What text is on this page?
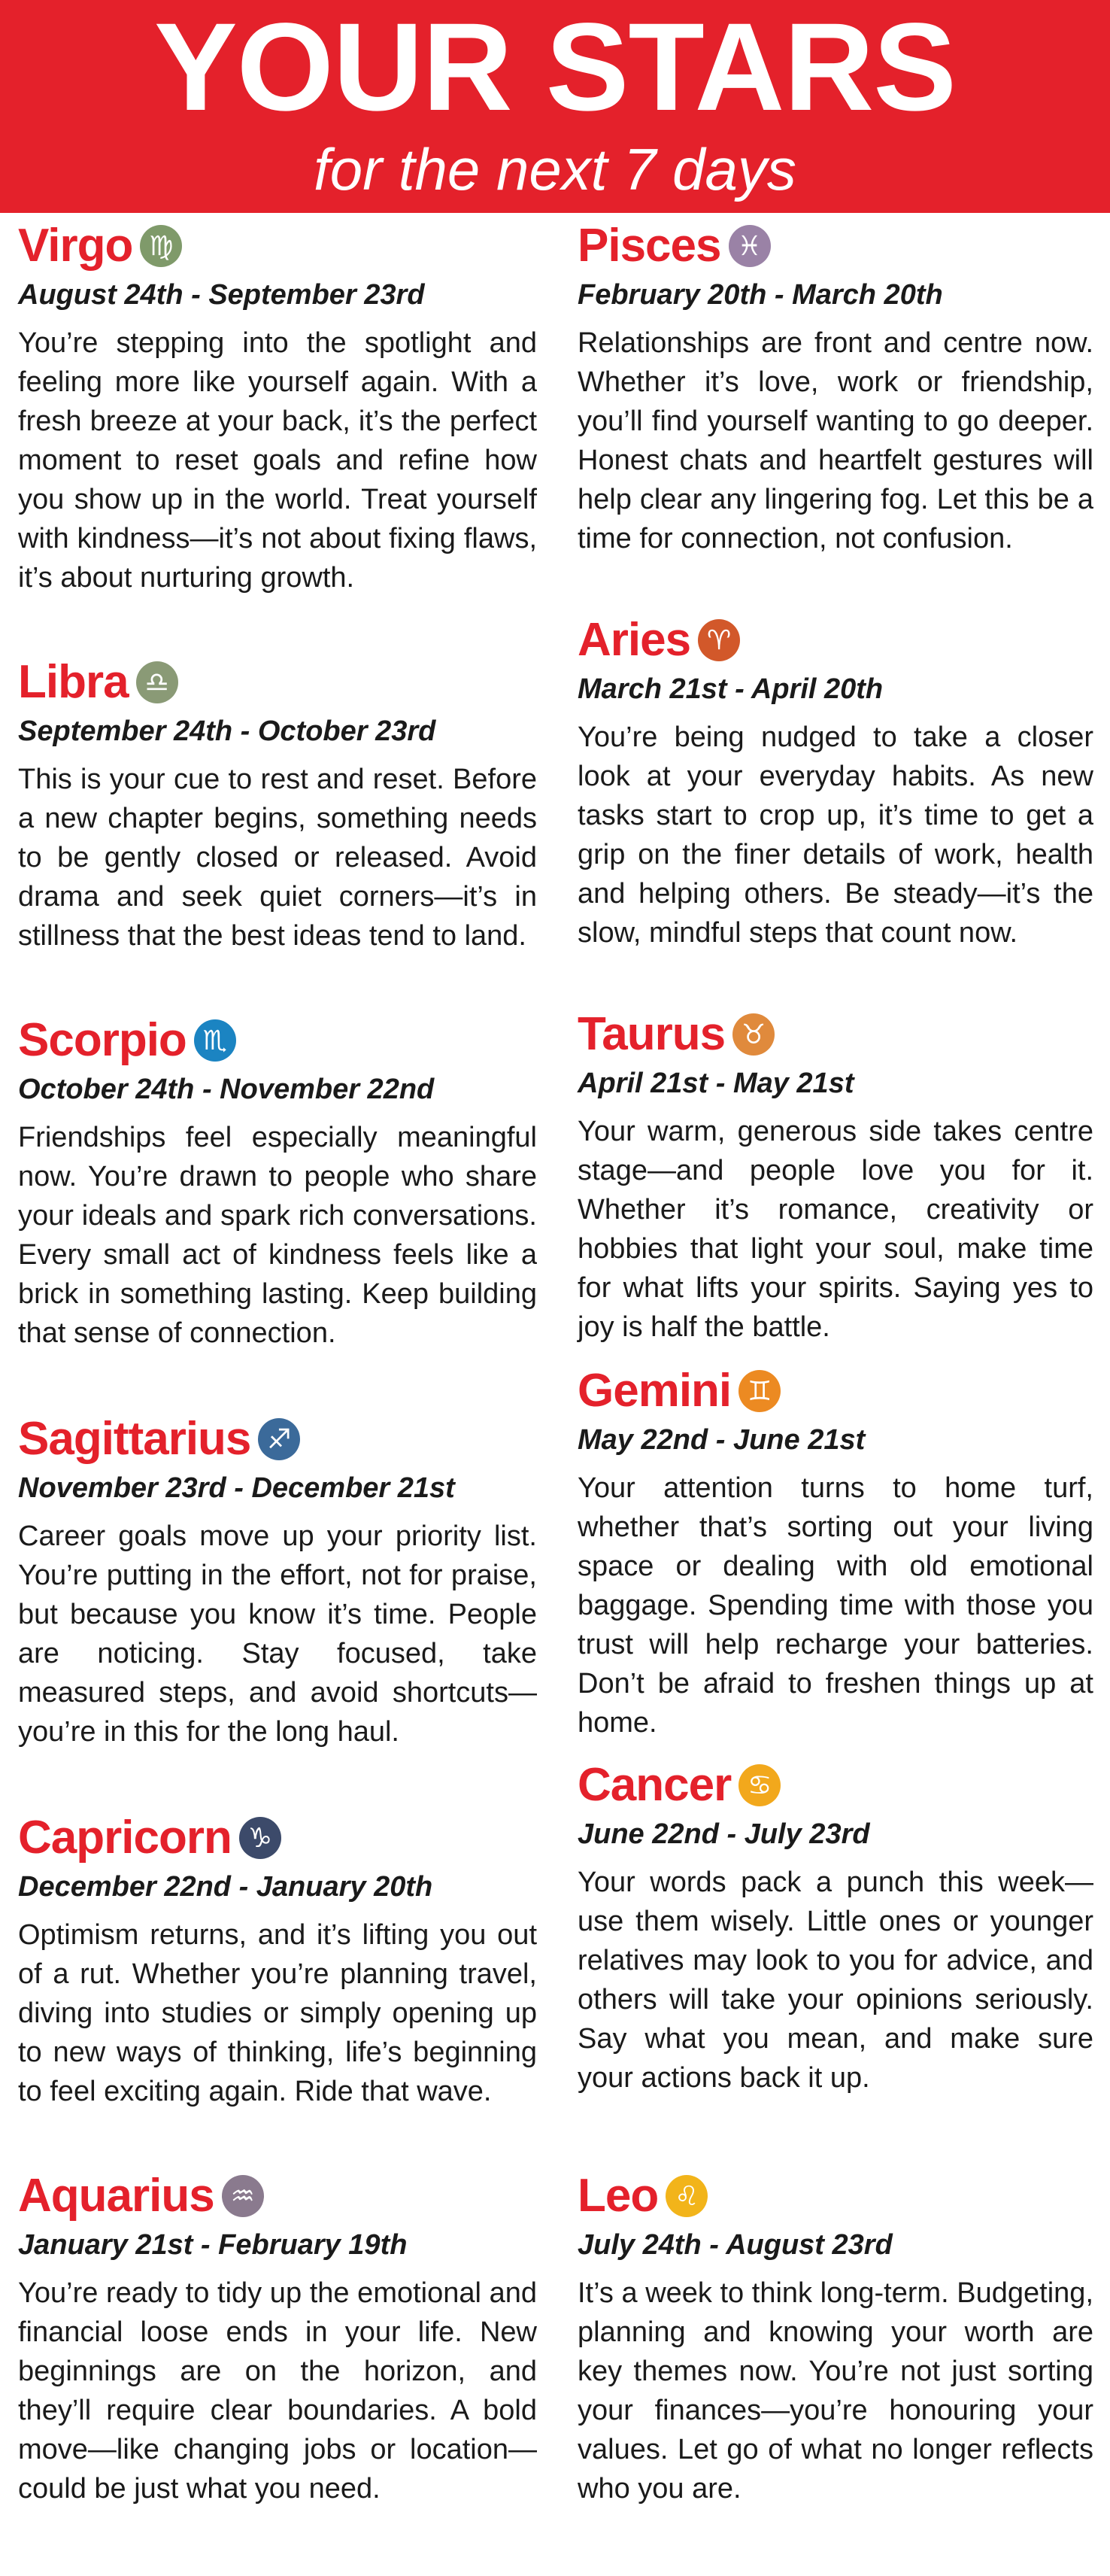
YOUR STARS
for the next 7 days
Virgo ♍
August 24th - September 23rd
You’re stepping into the spotlight and feeling more like yourself again. With a fresh breeze at your back, it’s the perfect moment to reset goals and refine how you show up in the world. Treat yourself with kindness—it’s not about fixing flaws, it’s about nurturing growth.
Libra ♎
September 24th - October 23rd
This is your cue to rest and reset. Before a new chapter begins, something needs to be gently closed or released. Avoid drama and seek quiet corners—it’s in stillness that the best ideas tend to land.
Scorpio ♏
October 24th - November 22nd
Friendships feel especially meaningful now. You’re drawn to people who share your ideals and spark rich conversations. Every small act of kindness feels like a brick in something lasting. Keep building that sense of connection.
Sagittarius ♐
November 23rd - December 21st
Career goals move up your priority list. You’re putting in the effort, not for praise, but because you know it’s time. People are noticing. Stay focused, take measured steps, and avoid shortcuts—you’re in this for the long haul.
Capricorn ♑
December 22nd - January 20th
Optimism returns, and it’s lifting you out of a rut. Whether you’re planning travel, diving into studies or simply opening up to new ways of thinking, life’s beginning to feel exciting again. Ride that wave.
Aquarius ♒
January 21st - February 19th
You’re ready to tidy up the emotional and financial loose ends in your life. New beginnings are on the horizon, and they’ll require clear boundaries. A bold move—like changing jobs or location—could be just what you need.
Pisces ♓
February 20th - March 20th
Relationships are front and centre now. Whether it’s love, work or friendship, you’ll find yourself wanting to go deeper. Honest chats and heartfelt gestures will help clear any lingering fog. Let this be a time for connection, not confusion.
Aries ♈
March 21st - April 20th
You’re being nudged to take a closer look at your everyday habits. As new tasks start to crop up, it’s time to get a grip on the finer details of work, health and helping others. Be steady—it’s the slow, mindful steps that count now.
Taurus ♉
April 21st - May 21st
Your warm, generous side takes centre stage—and people love you for it. Whether it’s romance, creativity or hobbies that light your soul, make time for what lifts your spirits. Saying yes to joy is half the battle.
Gemini ♊
May 22nd - June 21st
Your attention turns to home turf, whether that’s sorting out your living space or dealing with old emotional baggage. Spending time with those you trust will help recharge your batteries. Don’t be afraid to freshen things up at home.
Cancer ♋
June 22nd - July 23rd
Your words pack a punch this week—use them wisely. Little ones or younger relatives may look to you for advice, and others will take your opinions seriously. Say what you mean, and make sure your actions back it up.
Leo ♌
July 24th - August 23rd
It’s a week to think long-term. Budgeting, planning and knowing your worth are key themes now. You’re not just sorting your finances—you’re honouring your values. Let go of what no longer reflects who you are.
